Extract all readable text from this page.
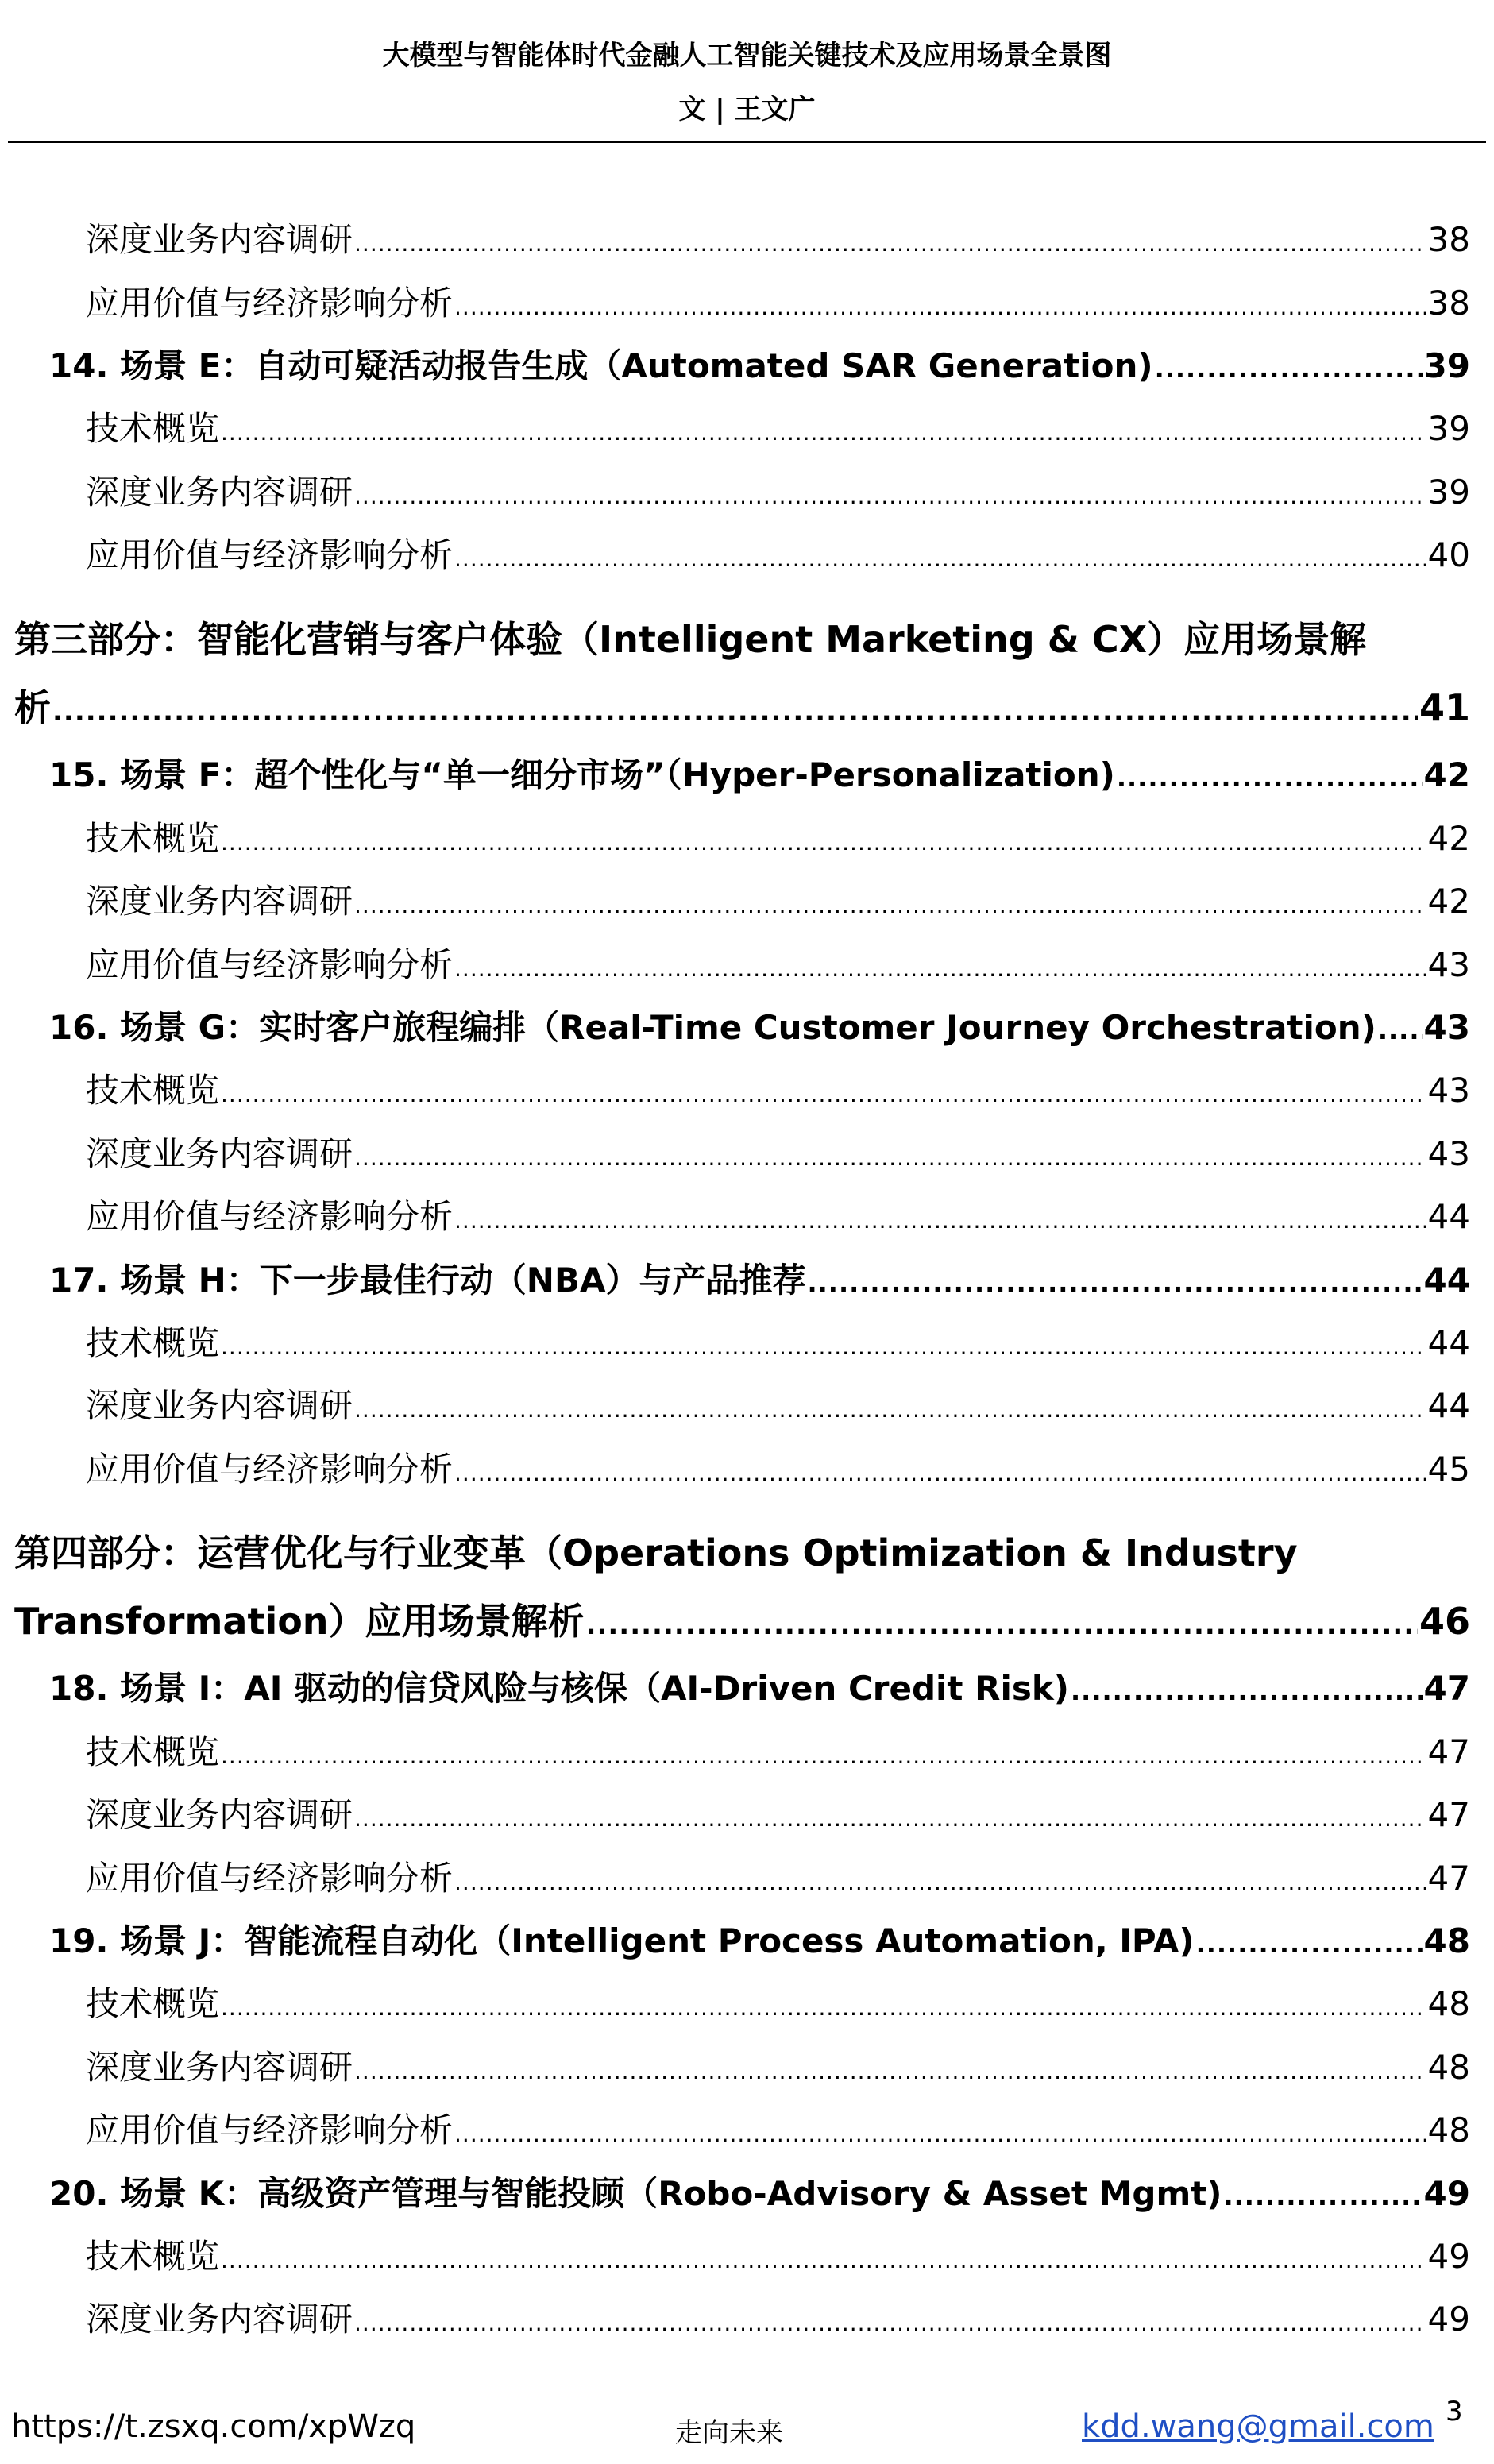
大模型与智能体时代金融人工智能关键技术及应用场景全景图
文 | 王文广
深度业务内容调研 .....	38
应用价值与经济影响分析 .....	38
14. 场景 E：自动可疑活动报告生成（Automated SAR Generation) .....	39
技术概览 .....	39
深度业务内容调研 .....	39
应用价值与经济影响分析 .....	40
第三部分：智能化营销与客户体验（Intelligent Marketing & CX）应用场景解
析 .....	41
15. 场景 F：超个性化与“单一细分市场”（Hyper-Personalization) .....	42
技术概览 .....	42
深度业务内容调研 .....	42
应用价值与经济影响分析 .....	43
16. 场景 G：实时客户旅程编排（Real-Time Customer Journey Orchestration) ..... 43
技术概览 .....	43
深度业务内容调研 .....	43
应用价值与经济影响分析 .....	44
17. 场景 H：下一步最佳行动（NBA）与产品推荐 .....	44
技术概览 .....	44
深度业务内容调研 .....	44
应用价值与经济影响分析 .....	45
第四部分：运营优化与行业变革（Operations Optimization & Industry
Transformation）应用场景解析 .....	46
18. 场景 I：AI 驱动的信贷风险与核保（AI-Driven Credit Risk) .....	47
技术概览 .....	47
深度业务内容调研 .....	47
应用价值与经济影响分析 .....	47
19. 场景 J：智能流程自动化（Intelligent Process Automation, IPA) .....	48
技术概览 .....	48
深度业务内容调研 .....	48
应用价值与经济影响分析 .....	48
20. 场景 K：高级资产管理与智能投顾（Robo-Advisory & Asset Mgmt) .....	49
技术概览 .....	49
深度业务内容调研 .....	49
https://t.zsxq.com/xpWzq	走向未来	kdd.wang@gmail.com 3
